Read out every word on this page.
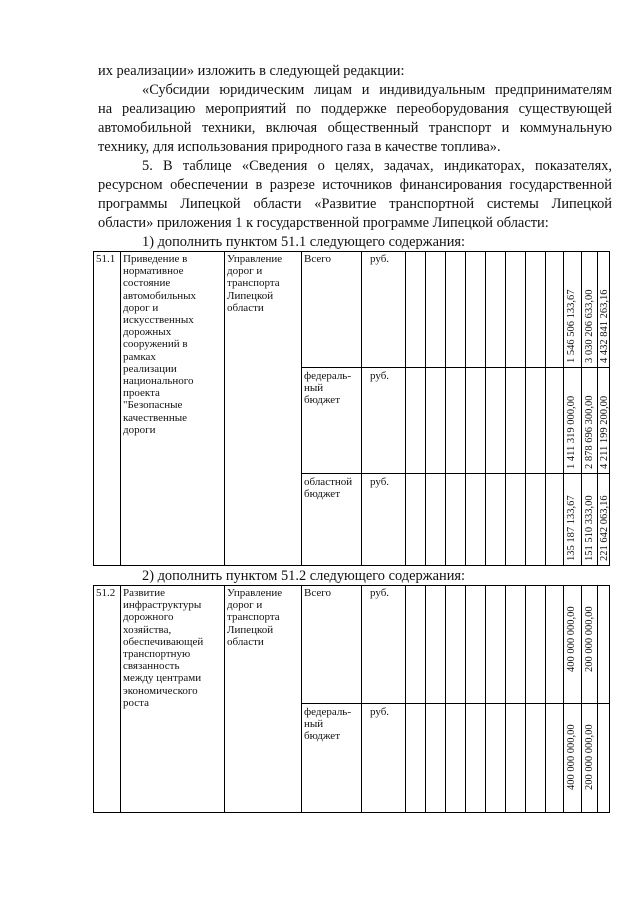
их реализации» изложить в следующей редакции:
«Субсидии юридическим лицам и индивидуальным предпринимателям
на реализацию мероприятий по поддержке переоборудования существующей
автомобильной техники, включая общественный транспорт и коммунальную
технику, для использования природного газа в качестве топлива».
5. В таблице «Сведения о целях, задачах, индикаторах, показателях,
ресурсном обеспечении в разрезе источников финансирования государственной
программы Липецкой области «Развитие транспортной системы Липецкой
области» приложения 1 к государственной программе Липецкой области:
1) дополнить пунктом 51.1 следующего содержания:
51.1 Приведение в
нормативное
состояние
автомобильных
дорог и
искусственных
дорожных
сооружений в
рамках
реализации
национального
проекта
"Безопасные
качественные
дороги
Управление
дорог и
транспорта
Липецкой
области
Всего	руб.
1 546 506 133,67 3 030 206 633,00 4 432 841 263,16
федераль-
ный
бюджет
руб.
1 411 319 000,00 2 878 696 300,00 4 211 199 200,00
областной
бюджет
руб.
135 187 133,67 151 510 333,00 221 642 063,16
2) дополнить пунктом 51.2 следующего содержания:
51.2 Развитие
инфраструктуры
дорожного
хозяйства,
обеспечивающей
транспортную
связанность
между центрами
экономического
роста
Управление
дорог и
транспорта
Липецкой
области
Всего	руб.
400 000 000,00 200 000 000,00
федераль-
ный
бюджет
руб.
400 000 000,00 200 000 000,00
